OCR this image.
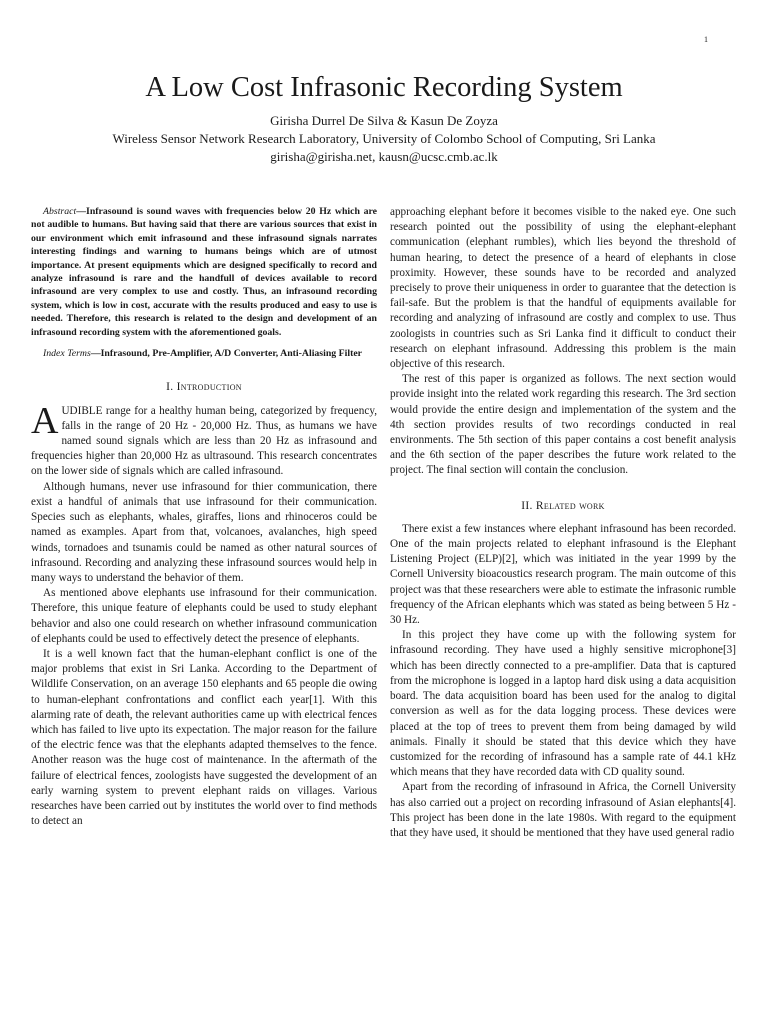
1
A Low Cost Infrasonic Recording System
Girisha Durrel De Silva & Kasun De Zoyza
Wireless Sensor Network Research Laboratory, University of Colombo School of Computing, Sri Lanka
girisha@girisha.net, kausn@ucsc.cmb.ac.lk

Abstract—Infrasound is sound waves with frequencies below 20 Hz which are not audible to humans. But having said that there are various sources that exist in our environment which emit infrasound and these infrasound signals narrates interesting findings and warning to humans beings which are of utmost importance. At present equipments which are designed specifically to record and analyze infrasound is rare and the handfull of devices available to record infrasound are very complex to use and costly. Thus, an infrasound recording system, which is low in cost, accurate with the results produced and easy to use is needed. Therefore, this research is related to the design and development of an infrasound recording system with the aforementioned goals.

Index Terms—Infrasound, Pre-Amplifier, A/D Converter, Anti-Aliasing Filter

I. Introduction

AUDIBLE range for a healthy human being, categorized by frequency, falls in the range of 20 Hz - 20,000 Hz. Thus, as humans we have named sound signals which are less than 20 Hz as infrasound and frequencies higher than 20,000 Hz as ultrasound. This research concentrates on the lower side of signals which are called infrasound.

Although humans, never use infrasound for thier communication, there exist a handful of animals that use infrasound for their communication. Species such as elephants, whales, giraffes, lions and rhinoceros could be named as examples. Apart from that, volcanoes, avalanches, high speed winds, tornadoes and tsunamis could be named as other natural sources of infrasound. Recording and analyzing these infrasound sources would help in many ways to understand the behavior of them.

As mentioned above elephants use infrasound for their communication. Therefore, this unique feature of elephants could be used to study elephant behavior and also one could research on whether infrasound communication of elephants could be used to effectively detect the presence of elephants.

It is a well known fact that the human-elephant conflict is one of the major problems that exist in Sri Lanka. According to the Department of Wildlife Conservation, on an average 150 elephants and 65 people die owing to human-elephant confrontations and conflict each year[1]. With this alarming rate of death, the relevant authorities came up with electrical fences which has failed to live upto its expectation. The major reason for the failure of the electric fence was that the elephants adapted themselves to the fence. Another reason was the huge cost of maintenance. In the aftermath of the failure of electrical fences, zoologists have suggested the development of an early warning system to prevent elephant raids on villages. Various researches have been carried out by institutes the world over to find methods to detect an

approaching elephant before it becomes visible to the naked eye. One such research pointed out the possibility of using the elephant-elephant communication (elephant rumbles), which lies beyond the threshold of human hearing, to detect the presence of a heard of elephants in close proximity. However, these sounds have to be recorded and analyzed precisely to prove their uniqueness in order to guarantee that the detection is fail-safe. But the problem is that the handful of equipments available for recording and analyzing of infrasound are costly and complex to use. Thus zoologists in countries such as Sri Lanka find it difficult to conduct their research on elephant infrasound. Addressing this problem is the main objective of this research.

The rest of this paper is organized as follows. The next section would provide insight into the related work regarding this research. The 3rd section would provide the entire design and implementation of the system and the 4th section provides results of two recordings conducted in real environments. The 5th section of this paper contains a cost benefit analysis and the 6th section of the paper describes the future work related to the project. The final section will contain the conclusion.

II. Related work

There exist a few instances where elephant infrasound has been recorded. One of the main projects related to elephant infrasound is the Elephant Listening Project (ELP)[2], which was initiated in the year 1999 by the Cornell University bioacoustics research program. The main outcome of this project was that these researchers were able to estimate the infrasonic rumble frequency of the African elephants which was stated as being between 5 Hz - 30 Hz.

In this project they have come up with the following system for infrasound recording. They have used a highly sensitive microphone[3] which has been directly connected to a pre-amplifier. Data that is captured from the microphone is logged in a laptop hard disk using a data acquisition board. The data acquisition board has been used for the analog to digital conversion as well as for the data logging process. These devices were placed at the top of trees to prevent them from being damaged by wild animals. Finally it should be stated that this device which they have customized for the recording of infrasound has a sample rate of 44.1 kHz which means that they have recorded data with CD quality sound.

Apart from the recording of infrasound in Africa, the Cornell University has also carried out a project on recording infrasound of Asian elephants[4]. This project has been done in the late 1980s. With regard to the equipment that they have used, it should be mentioned that they have used general radio
